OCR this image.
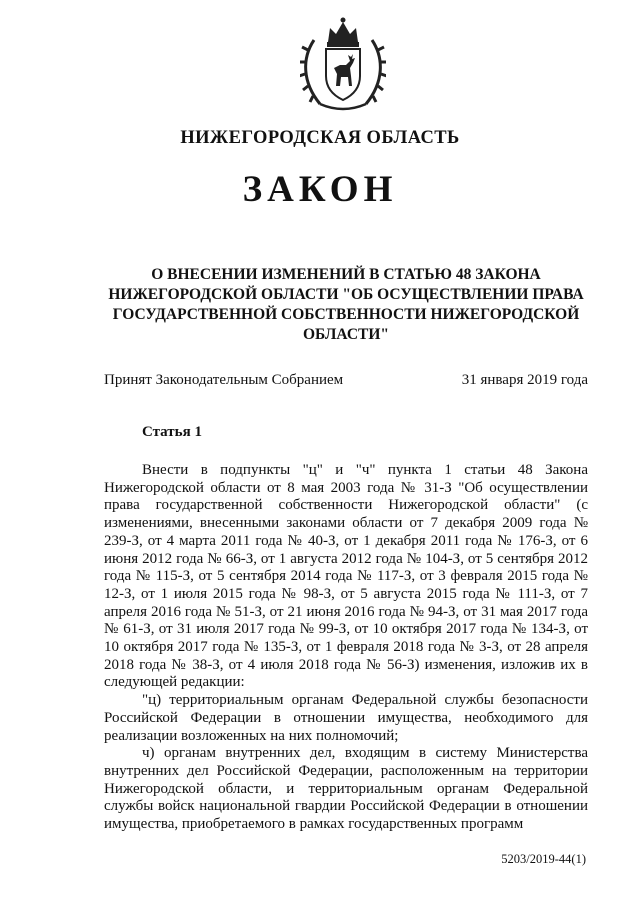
НИЖЕГОРОДСКАЯ ОБЛАСТЬ
ЗАКОН
О ВНЕСЕНИИ ИЗМЕНЕНИЙ В СТАТЬЮ 48 ЗАКОНА
НИЖЕГОРОДСКОЙ ОБЛАСТИ "ОБ ОСУЩЕСТВЛЕНИИ ПРАВА
ГОСУДАРСТВЕННОЙ СОБСТВЕННОСТИ НИЖЕГОРОДСКОЙ
ОБЛАСТИ"
Принят Законодательным Собранием	31 января 2019 года
Статья 1

Внести в подпункты "ц" и "ч" пункта 1 статьи 48 Закона Нижегородской области от 8 мая 2003 года № 31-З "Об осуществлении права государственной собственности Нижегородской области" (с изменениями, внесенными законами области от 7 декабря 2009 года № 239-З, от 4 марта 2011 года № 40-З, от 1 декабря 2011 года № 176-З, от 6 июня 2012 года № 66-З, от 1 августа 2012 года № 104-З, от 5 сентября 2012 года № 115-З, от 5 сентября 2014 года № 117-З, от 3 февраля 2015 года № 12-З, от 1 июля 2015 года № 98-З, от 5 августа 2015 года № 111-З, от 7 апреля 2016 года № 51-З, от 21 июня 2016 года № 94-З, от 31 мая 2017 года № 61-З, от 31 июля 2017 года № 99-З, от 10 октября 2017 года № 134-З, от 10 октября 2017 года № 135-З, от 1 февраля 2018 года № 3-З, от 28 апреля 2018 года № 38-З, от 4 июля 2018 года № 56-З) изменения, изложив их в следующей редакции:

"ц) территориальным органам Федеральной службы безопасности Российской Федерации в отношении имущества, необходимого для реализации возложенных на них полномочий;

ч) органам внутренних дел, входящим в систему Министерства внутренних дел Российской Федерации, расположенным на территории Нижегородской области, и территориальным органам Федеральной службы войск национальной гвардии Российской Федерации в отношении имущества, приобретаемого в рамках государственных программ

5203/2019-44(1)
